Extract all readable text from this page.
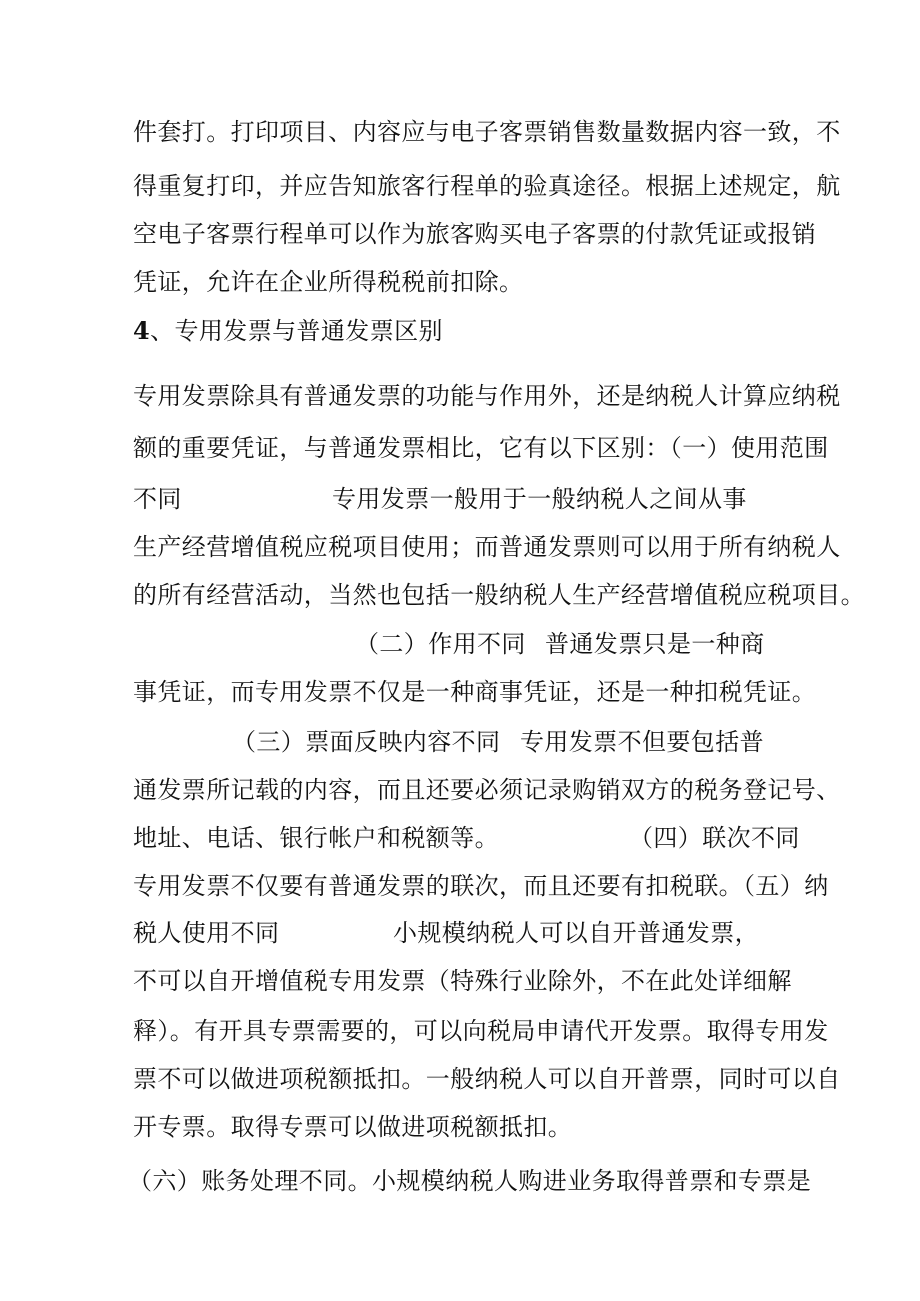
件套打。打印项目、内容应与电子客票销售数量数据内容一致，不
得重复打印，并应告知旅客行程单的验真途径。根据上述规定，航
空电子客票行程单可以作为旅客购买电子客票的付款凭证或报销
凭证，允许在企业所得税税前扣除。
4、专用发票与普通发票区别
专用发票除具有普通发票的功能与作用外，还是纳税人计算应纳税
额的重要凭证，与普通发票相比，它有以下区别：（一）使用范围
不同	专用发票一般用于一般纳税人之间从事
生产经营增值税应税项目使用；而普通发票则可以用于所有纳税人
的所有经营活动，当然也包括一般纳税人生产经营增值税应税项目。
（二）作用不同 普通发票只是一种商
事凭证，而专用发票不仅是一种商事凭证，还是一种扣税凭证。
（三）票面反映内容不同 专用发票不但要包括普
通发票所记载的内容，而且还要必须记录购销双方的税务登记号、
地址、电话、银行帐户和税额等。	（四）联次不同
专用发票不仅要有普通发票的联次，而且还要有扣税联。（五）纳
税人使用不同	小规模纳税人可以自开普通发票，
不可以自开增值税专用发票（特殊行业除外，不在此处详细解
释）。有开具专票需要的，可以向税局申请代开发票。取得专用发
票不可以做进项税额抵扣。一般纳税人可以自开普票，同时可以自
开专票。取得专票可以做进项税额抵扣。
（六）账务处理不同。小规模纳税人购进业务取得普票和专票是
